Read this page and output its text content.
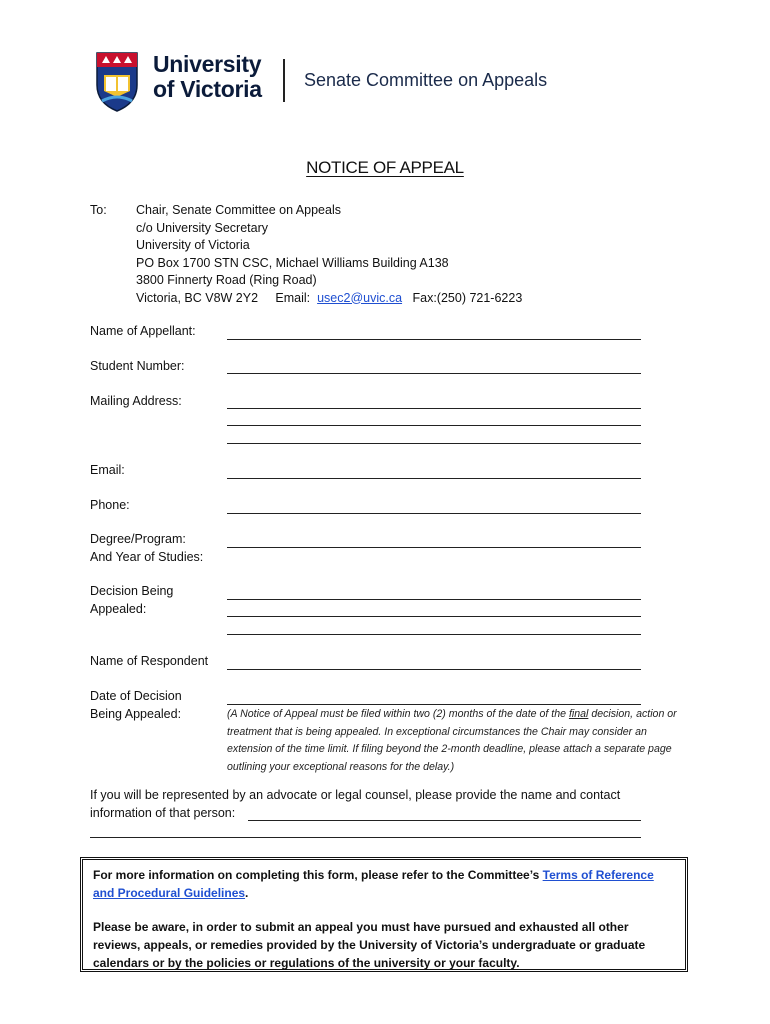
University
of Victoria Senate Committee on Appeals
NOTICE OF APPEAL
To: Chair, Senate Committee on Appeals
c/o University Secretary
University of Victoria
PO Box 1700 STN CSC, Michael Williams Building A138
3800 Finnerty Road (Ring Road)
Victoria, BC V8W 2Y2 Email: usec2@uvic.ca Fax:(250) 721-6223
Name of Appellant:
Student Number:
Mailing Address:
Email:
Phone:
Degree/Program:
And Year of Studies:
Decision Being
Appealed:
Name of Respondent
Date of Decision
Being Appealed:	(A Notice of Appeal must be filed within two (2) months of the date of the final decision, action or treatment that is being appealed. In exceptional circumstances the Chair may consider an extension of the time limit. If filing beyond the 2-month deadline, please attach a separate page outlining your exceptional reasons for the delay.)
If you will be represented by an advocate or legal counsel, please provide the name and contact
information of that person:
For more information on completing this form, please refer to the Committee’s Terms of Reference and Procedural Guidelines.
Please be aware, in order to submit an appeal you must have pursued and exhausted all other reviews, appeals, or remedies provided by the University of Victoria’s undergraduate or graduate calendars or by the policies or regulations of the university or your faculty.
